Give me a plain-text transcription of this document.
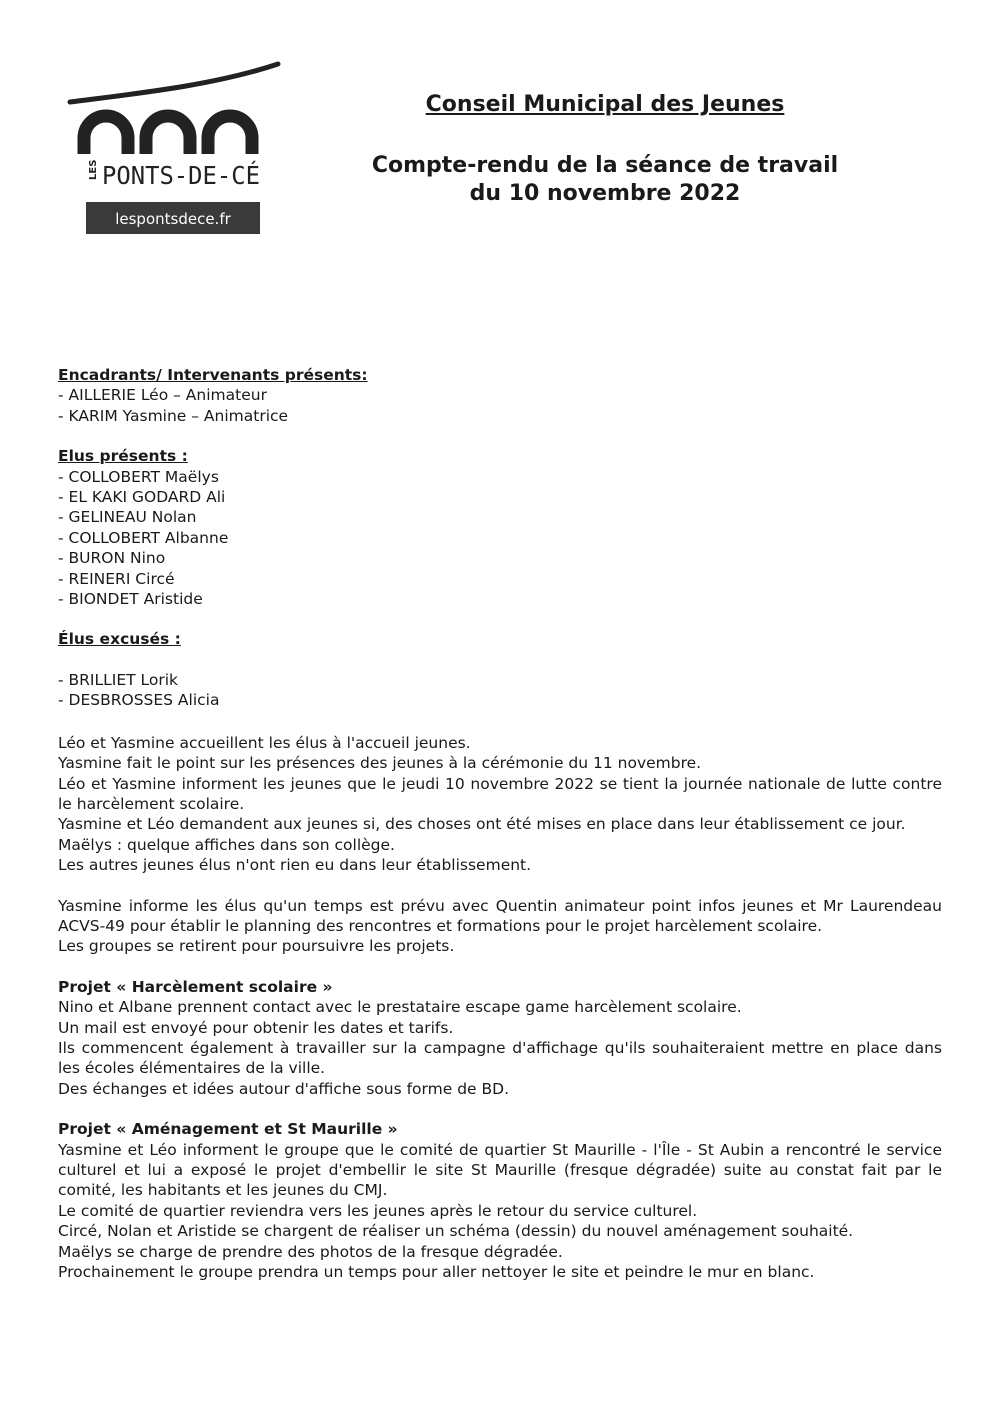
LES PONTS-DE-CÉ
lespontsdece.fr
Conseil Municipal des Jeunes
Compte-rendu de la séance de travail
du 10 novembre 2022
Encadrants/ Intervenants présents:
- AILLERIE Léo – Animateur
- KARIM Yasmine – Animatrice
Elus présents :
- COLLOBERT Maëlys
- EL KAKI GODARD Ali
- GELINEAU Nolan
- COLLOBERT Albanne
- BURON Nino
- REINERI Circé
- BIONDET Aristide
Élus excusés :
- BRILLIET Lorik
- DESBROSSES Alicia
Léo et Yasmine accueillent les élus à l'accueil jeunes.
Yasmine fait le point sur les présences des jeunes à la cérémonie du 11 novembre.
Léo et Yasmine informent les jeunes que le jeudi 10 novembre 2022 se tient la journée nationale de lutte contre le harcèlement scolaire.
Yasmine et Léo demandent aux jeunes si, des choses ont été mises en place dans leur établissement ce jour.
Maëlys : quelque affiches dans son collège.
Les autres jeunes élus n'ont rien eu dans leur établissement.
Yasmine informe les élus qu'un temps est prévu avec Quentin animateur point infos jeunes et Mr Laurendeau ACVS-49 pour établir le planning des rencontres et formations pour le projet harcèlement scolaire.
Les groupes se retirent pour poursuivre les projets.
Projet « Harcèlement scolaire »
Nino et Albane prennent contact avec le prestataire escape game harcèlement scolaire.
Un mail est envoyé pour obtenir les dates et tarifs.
Ils commencent également à travailler sur la campagne d'affichage qu'ils souhaiteraient mettre en place dans les écoles élémentaires de la ville.
Des échanges et idées autour d'affiche sous forme de BD.
Projet « Aménagement et St Maurille »
Yasmine et Léo informent le groupe que le comité de quartier St Maurille - l'Île - St Aubin a rencontré le service culturel et lui a exposé le projet d'embellir le site St Maurille (fresque dégradée) suite au constat fait par le comité, les habitants et les jeunes du CMJ.
Le comité de quartier reviendra vers les jeunes après le retour du service culturel.
Circé, Nolan et Aristide se chargent de réaliser un schéma (dessin) du nouvel aménagement souhaité.
Maëlys se charge de prendre des photos de la fresque dégradée.
Prochainement le groupe prendra un temps pour aller nettoyer le site et peindre le mur en blanc.
